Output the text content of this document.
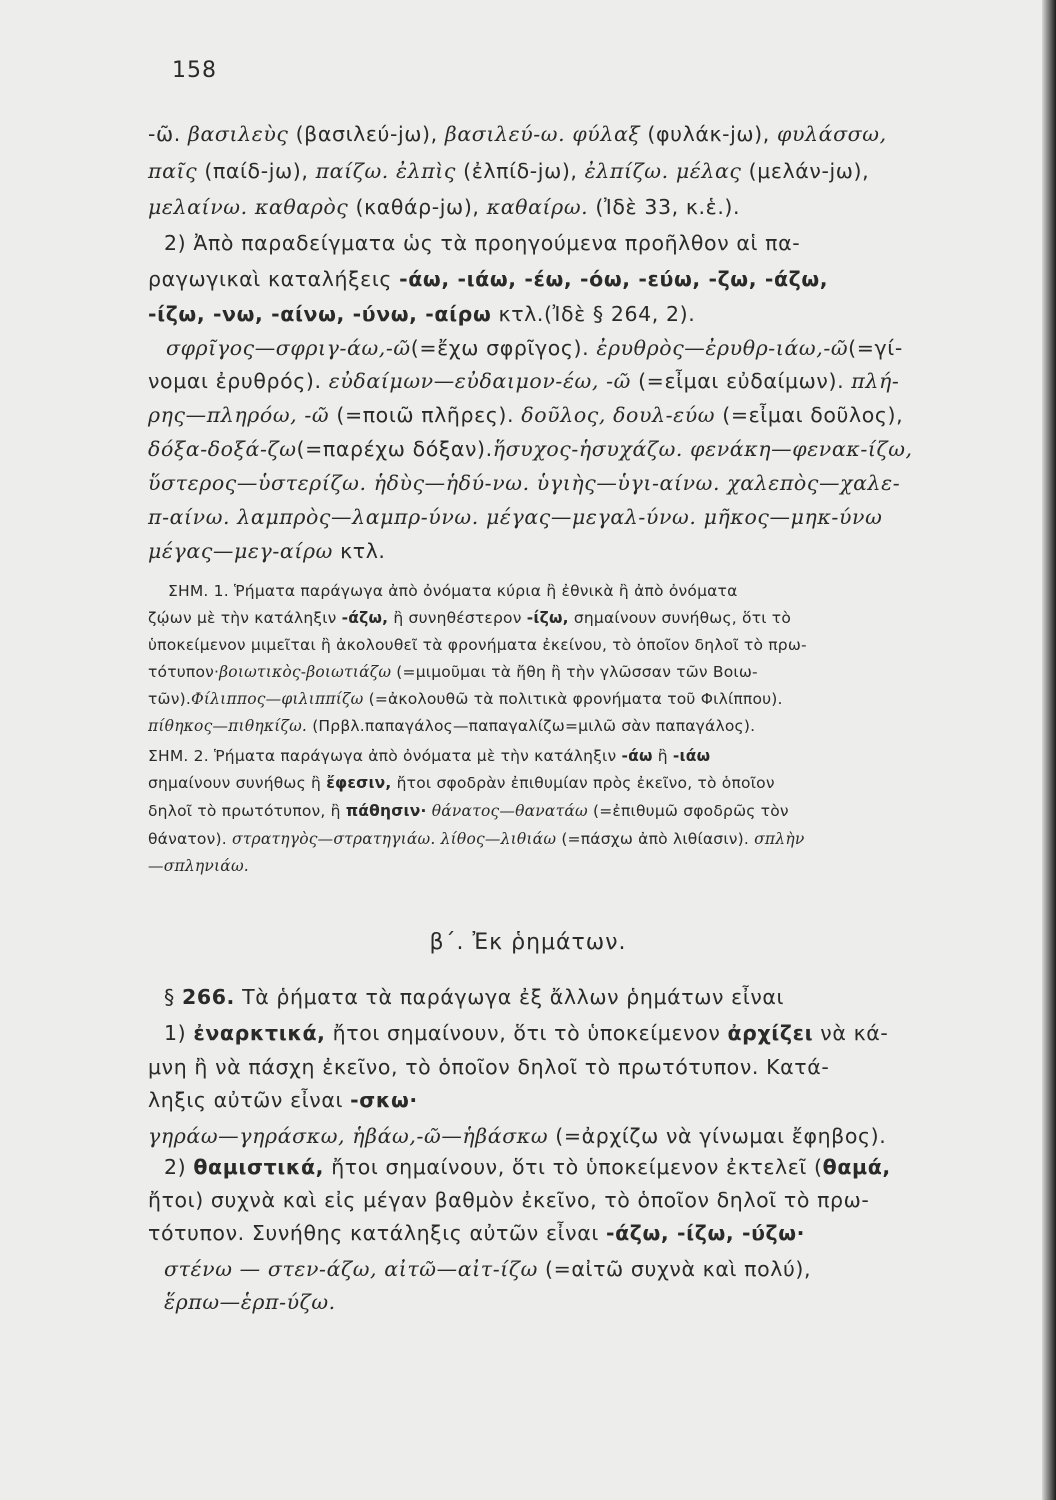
158
-ῶ. βασιλεὺς (βασιλεύ-jω), βασιλεύ-ω. φύλαξ (φυλάκ-jω), φυλάσσω,
παῖς (παίδ-jω), παίζω. ἐλπὶς (ἐλπίδ-jω), ἐλπίζω. μέλας (μελάν-jω),
μελαίνω. καθαρὸς (καθάρ-jω), καθαίρω. (Ἰδὲ 33, κ.ἑ.).
2) Ἀπὸ παραδείγματα ὡς τὰ προηγούμενα προῆλθον αἱ πα-
ραγωγικαὶ καταλήξεις -άω, -ιάω, -έω, -όω, -εύω, -ζω, -άζω,
-ίζω, -νω, -αίνω, -ύνω, -αίρω κτλ.(Ἰδὲ § 264, 2).
σφρῖγος—σφριγ-άω,-ῶ(=ἔχω σφρῖγος). ἐρυθρὸς—ἐρυθρ-ιάω,-ῶ(=γί-
νομαι ἐρυθρός). εὐδαίμων—εὐδαιμον-έω, -ῶ (=εἶμαι εὐδαίμων). πλή-
ρης—πληρόω, -ῶ (=ποιῶ πλῆρες). δοῦλος, δουλ-εύω (=εἶμαι δοῦλος),
δόξα-δοξά-ζω(=παρέχω δόξαν).ἥσυχος-ἡσυχάζω. φενάκη—φενακ-ίζω,
ὕστερος—ὑστερίζω. ἡδὺς—ἡδύ-νω. ὑγιὴς—ὑγι-αίνω. χαλεπὸς—χαλε-
π-αίνω. λαμπρὸς—λαμπρ-ύνω. μέγας—μεγαλ-ύνω. μῆκος—μηκ-ύνω
μέγας—μεγ-αίρω κτλ.
ΣΗΜ. 1. Ῥήματα παράγωγα ἀπὸ ὀνόματα κύρια ἢ ἐθνικὰ ἢ ἀπὸ ὀνόματα
ζῴων μὲ τὴν κατάληξιν -άζω, ἢ συνηθέστερον -ίζω, σημαίνουν συνήθως, ὅτι τὸ
ὑποκείμενον μιμεῖται ἢ ἀκολουθεῖ τὰ φρονήματα ἐκείνου, τὸ ὁποῖον δηλοῖ τὸ πρω-
τότυπον·βοιωτικὸς-βοιωτιάζω (=μιμοῦμαι τὰ ἤθη ἢ τὴν γλῶσσαν τῶν Βοιω-
τῶν).Φίλιππος—φιλιππίζω (=ἀκολουθῶ τὰ πολιτικὰ φρονήματα τοῦ Φιλίππου).
πίθηκος—πιθηκίζω. (Πρβλ.παπαγάλος—παπαγαλίζω=μιλῶ σὰν παπαγάλος).
ΣΗΜ. 2. Ῥήματα παράγωγα ἀπὸ ὀνόματα μὲ τὴν κατάληξιν -άω ἢ -ιάω
σημαίνουν συνήθως ἢ ἔφεσιν, ἤτοι σφοδρὰν ἐπιθυμίαν πρὸς ἐκεῖνο, τὸ ὁποῖον
δηλοῖ τὸ πρωτότυπον, ἢ πάθησιν· θάνατος—θανατάω (=ἐπιθυμῶ σφοδρῶς τὸν
θάνατον). στρατηγὸς—στρατηγιάω. λίθος—λιθιάω (=πάσχω ἀπὸ λιθίασιν). σπλὴν
—σπληνιάω.
β΄. Ἐκ ῥημάτων.
§ 266. Τὰ ῥήματα τὰ παράγωγα ἐξ ἄλλων ῥημάτων εἶναι
1) ἐναρκτικά, ἤτοι σημαίνουν, ὅτι τὸ ὑποκείμενον ἀρχίζει νὰ κά-
μνη ἢ νὰ πάσχη ἐκεῖνο, τὸ ὁποῖον δηλοῖ τὸ πρωτότυπον. Κατά-
ληξις αὐτῶν εἶναι -σκω·
γηράω—γηράσκω, ἡβάω,-ῶ—ἡβάσκω (=ἀρχίζω νὰ γίνωμαι ἔφηβος).
2) θαμιστικά, ἤτοι σημαίνουν, ὅτι τὸ ὑποκείμενον ἐκτελεῖ (θαμά,
ἤτοι) συχνὰ καὶ εἰς μέγαν βαθμὸν ἐκεῖνο, τὸ ὁποῖον δηλοῖ τὸ πρω-
τότυπον. Συνήθης κατάληξις αὐτῶν εἶναι -άζω, -ίζω, -ύζω·
στένω — στεν-άζω, αἰτῶ—αἰτ-ίζω (=αἰτῶ συχνὰ καὶ πολύ),
ἕρπω—ἑρπ-ύζω.
